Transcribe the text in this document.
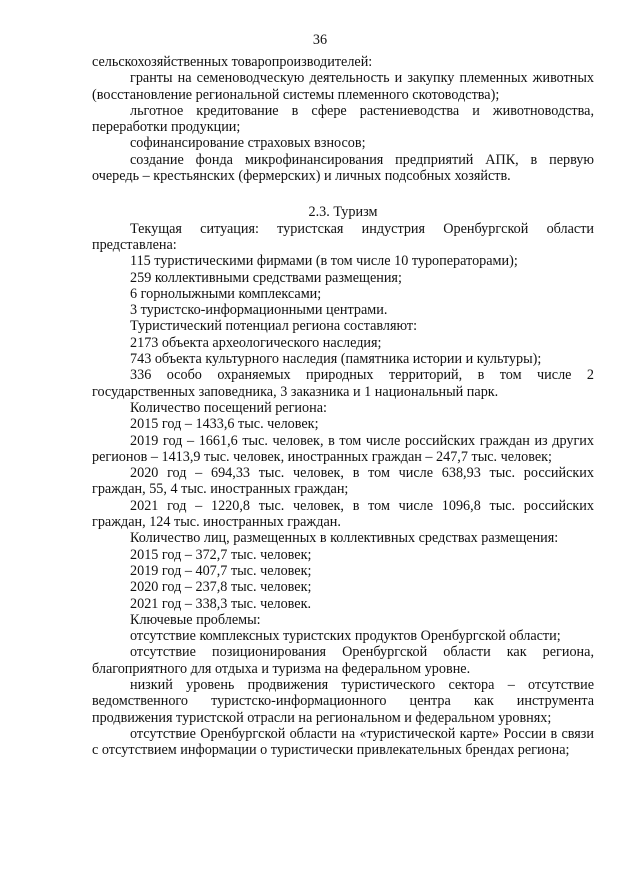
36

сельскохозяйственных товаропроизводителей:

гранты на семеноводческую деятельность и закупку племенных животных (восстановление региональной системы племенного скотоводства);

льготное кредитование в сфере растениеводства и животноводства, переработки продукции;

софинансирование страховых взносов;

создание фонда микрофинансирования предприятий АПК, в первую очередь – крестьянских (фермерских) и личных подсобных хозяйств.

2.3. Туризм

Текущая ситуация: туристская индустрия Оренбургской области представлена:

115 туристическими фирмами (в том числе 10 туроператорами);

259 коллективными средствами размещения;

6 горнолыжными комплексами;

3 туристско-информационными центрами.

Туристический потенциал региона составляют:

2173 объекта археологического наследия;

743 объекта культурного наследия (памятника истории и культуры);

336 особо охраняемых природных территорий, в том числе 2 государственных заповедника, 3 заказника и 1 национальный парк.

Количество посещений региона:

2015 год – 1433,6 тыс. человек;

2019 год – 1661,6 тыс. человек, в том числе российских граждан из других регионов – 1413,9 тыс. человек, иностранных граждан – 247,7 тыс. человек;

2020 год – 694,33 тыс. человек, в том числе 638,93 тыс. российских граждан, 55, 4 тыс. иностранных граждан;

2021 год – 1220,8 тыс. человек, в том числе 1096,8 тыс. российских граждан, 124 тыс. иностранных граждан.

Количество лиц, размещенных в коллективных средствах размещения:

2015 год – 372,7 тыс. человек;

2019 год – 407,7 тыс. человек;

2020 год – 237,8 тыс. человек;

2021 год – 338,3 тыс. человек.

Ключевые проблемы:

отсутствие комплексных туристских продуктов Оренбургской области;

отсутствие позиционирования Оренбургской области как региона, благоприятного для отдыха и туризма на федеральном уровне.

низкий уровень продвижения туристического сектора – отсутствие ведомственного туристско-информационного центра как инструмента продвижения туристской отрасли на региональном и федеральном уровнях;

отсутствие Оренбургской области на «туристической карте» России в связи с отсутствием информации о туристически привлекательных брендах региона;
